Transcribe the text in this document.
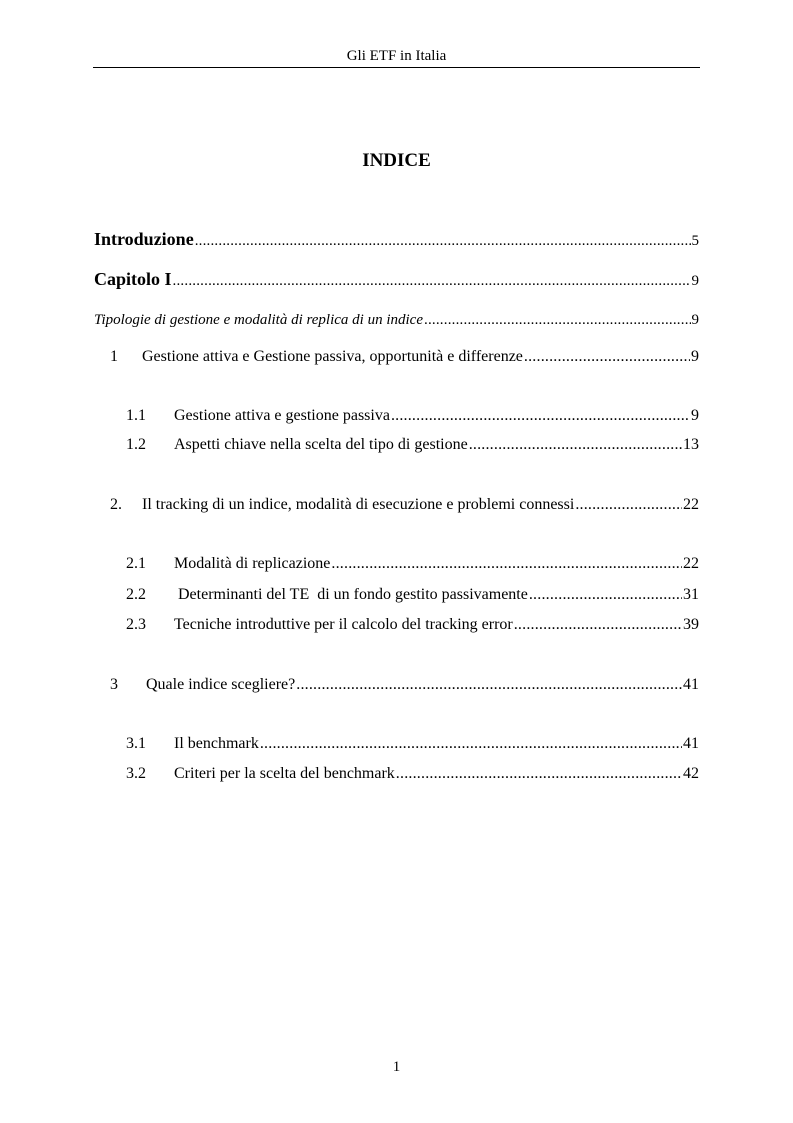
Gli ETF in Italia
INDICE
Introduzione .....	5
Capitolo I .....	9
Tipologie di gestione e modalità di replica di un indice .....	9
1	Gestione attiva e Gestione passiva, opportunità e differenze .....	9
1.1	Gestione attiva e gestione passiva .....	9
1.2	Aspetti chiave nella scelta del tipo di gestione .....	13
2.	Il tracking di un indice, modalità di esecuzione e problemi connessi .....	22
2.1	Modalità di replicazione .....	22
2.2	Determinanti del TE  di un fondo gestito passivamente .....	31
2.3	Tecniche introduttive per il calcolo del tracking error .....	39
3	Quale indice scegliere? .....	41
3.1	Il benchmark .....	41
3.2	Criteri per la scelta del benchmark .....	42
1
